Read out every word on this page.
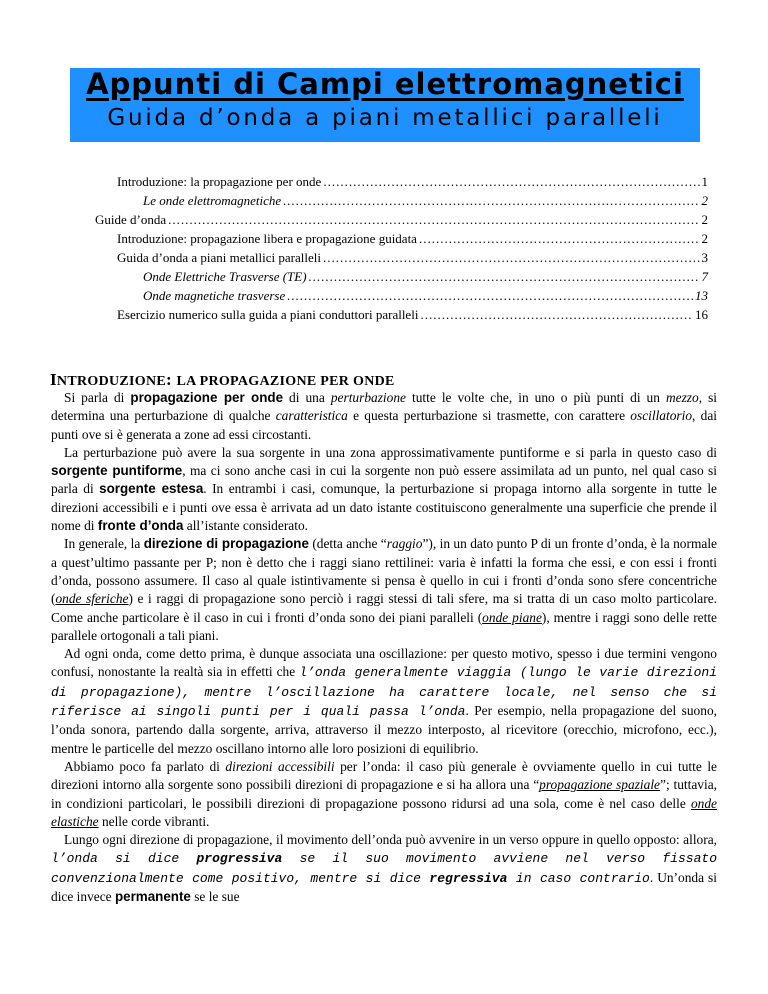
Appunti di Campi elettromagnetici
Guida d’onda a piani metallici paralleli
Introduzione: la propagazione per onde .....	1
Le onde elettromagnetiche .....	2
Guide d’onda .....	2
Introduzione: propagazione libera e propagazione guidata .....	2
Guida d’onda a piani metallici paralleli .....	3
Onde Elettriche Trasverse (TE) .....	7
Onde magnetiche trasverse .....	13
Esercizio numerico sulla guida a piani conduttori paralleli .....	16
INTRODUZIONE: LA PROPAGAZIONE PER ONDE

Si parla di propagazione per onde di una perturbazione tutte le volte che, in uno o più punti di un mezzo, si determina una perturbazione di qualche caratteristica e questa perturbazione si trasmette, con carattere oscillatorio, dai punti ove si è generata a zone ad essi circostanti.

La perturbazione può avere la sua sorgente in una zona approssimativamente puntiforme e si parla in questo caso di sorgente puntiforme, ma ci sono anche casi in cui la sorgente non può essere assimilata ad un punto, nel qual caso si parla di sorgente estesa. In entrambi i casi, comunque, la perturbazione si propaga intorno alla sorgente in tutte le direzioni accessibili e i punti ove essa è arrivata ad un dato istante costituiscono generalmente una superficie che prende il nome di fronte d’onda all’istante considerato.

In generale, la direzione di propagazione (detta anche “raggio”), in un dato punto P di un fronte d’onda, è la normale a quest’ultimo passante per P; non è detto che i raggi siano rettilinei: varia è infatti la forma che essi, e con essi i fronti d’onda, possono assumere. Il caso al quale istintivamente si pensa è quello in cui i fronti d’onda sono sfere concentriche (onde sferiche) e i raggi di propagazione sono perciò i raggi stessi di tali sfere, ma si tratta di un caso molto particolare. Come anche particolare è il caso in cui i fronti d’onda sono dei piani paralleli (onde piane), mentre i raggi sono delle rette parallele ortogonali a tali piani.

Ad ogni onda, come detto prima, è dunque associata una oscillazione: per questo motivo, spesso i due termini vengono confusi, nonostante la realtà sia in effetti che l’onda generalmente viaggia (lungo le varie direzioni di propagazione), mentre l’oscillazione ha carattere locale, nel senso che si riferisce ai singoli punti per i quali passa l’onda. Per esempio, nella propagazione del suono, l’onda sonora, partendo dalla sorgente, arriva, attraverso il mezzo interposto, al ricevitore (orecchio, microfono, ecc.), mentre le particelle del mezzo oscillano intorno alle loro posizioni di equilibrio.

Abbiamo poco fa parlato di direzioni accessibili per l’onda: il caso più generale è ovviamente quello in cui tutte le direzioni intorno alla sorgente sono possibili direzioni di propagazione e si ha allora una “propagazione spaziale”; tuttavia, in condizioni particolari, le possibili direzioni di propagazione possono ridursi ad una sola, come è nel caso delle onde elastiche nelle corde vibranti.

Lungo ogni direzione di propagazione, il movimento dell’onda può avvenire in un verso oppure in quello opposto: allora, l’onda si dice progressiva se il suo movimento avviene nel verso fissato convenzionalmente come positivo, mentre si dice regressiva in caso contrario. Un’onda si dice invece permanente se le sue
